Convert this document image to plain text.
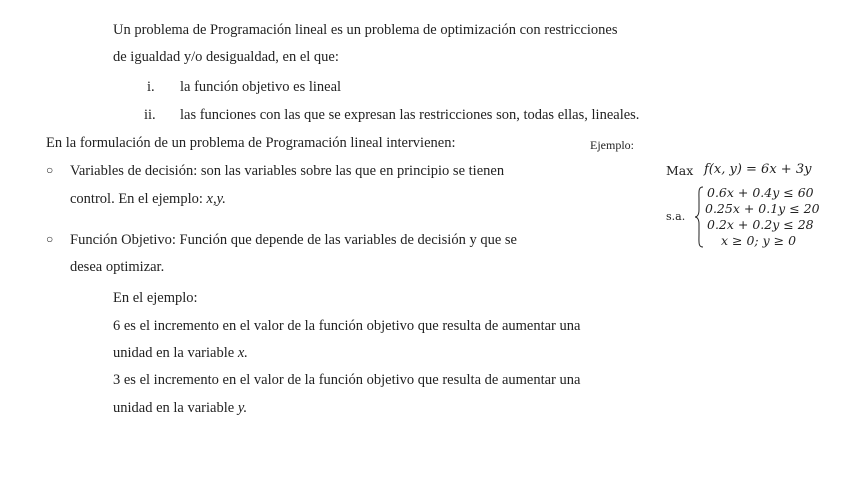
Un problema de Programación lineal es un problema de optimización con restricciones
de igualdad y/o desigualdad, en el que:
i. la función objetivo es lineal
ii. las funciones con las que se expresan las restricciones son, todas ellas, lineales.
En la formulación de un problema de Programación lineal intervienen:
○ Variables de decisión: son las variables sobre las que en principio se tienen
control. En el ejemplo: x,y.
○ Función Objetivo: Función que depende de las variables de decisión y que se
desea optimizar.
En el ejemplo:
6 es el incremento en el valor de la función objetivo que resulta de aumentar una
unidad en la variable x.
3 es el incremento en el valor de la función objetivo que resulta de aumentar una
unidad en la variable y.
Ejemplo:
Max f(x, y) = 6x + 3y
s.a.
0.6x + 0.4y ≤ 60
0.25x + 0.1y ≤ 20
0.2x + 0.2y ≤ 28
x ≥ 0; y ≥ 0
